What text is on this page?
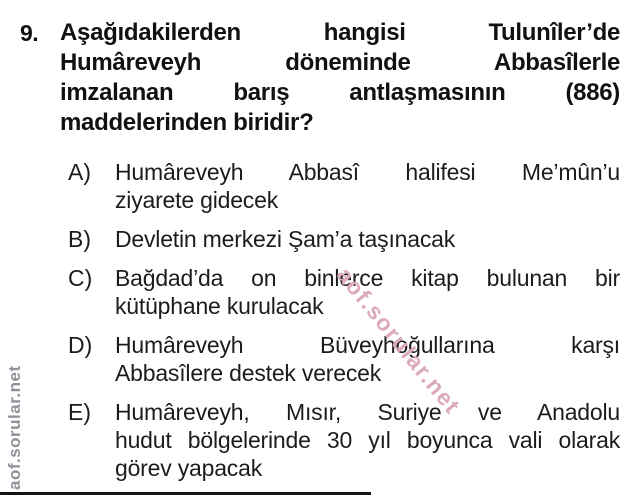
9. Aşağıdakilerden hangisi Tulunîler’de
Humâreveyh döneminde Abbasîlerle
imzalanan barış antlaşmasının (886)
maddelerinden biridir?
A)	Humâreveyh Abbasî halifesi Me’mûn’u
ziyarete gidecek
B)	Devletin merkezi Şam’a taşınacak
C) Bağdad’da on binlerce kitap bulunan bir
kütüphane kurulacak
D) Humâreveyh Büveyhoğullarına karşı
Abbasîlere destek verecek
E)	Humâreveyh, Mısır, Suriye ve Anadolu
hudut bölgelerinde 30 yıl boyunca vali olarak
görev yapacak
aof.sorular.net
aof.sorular.net
